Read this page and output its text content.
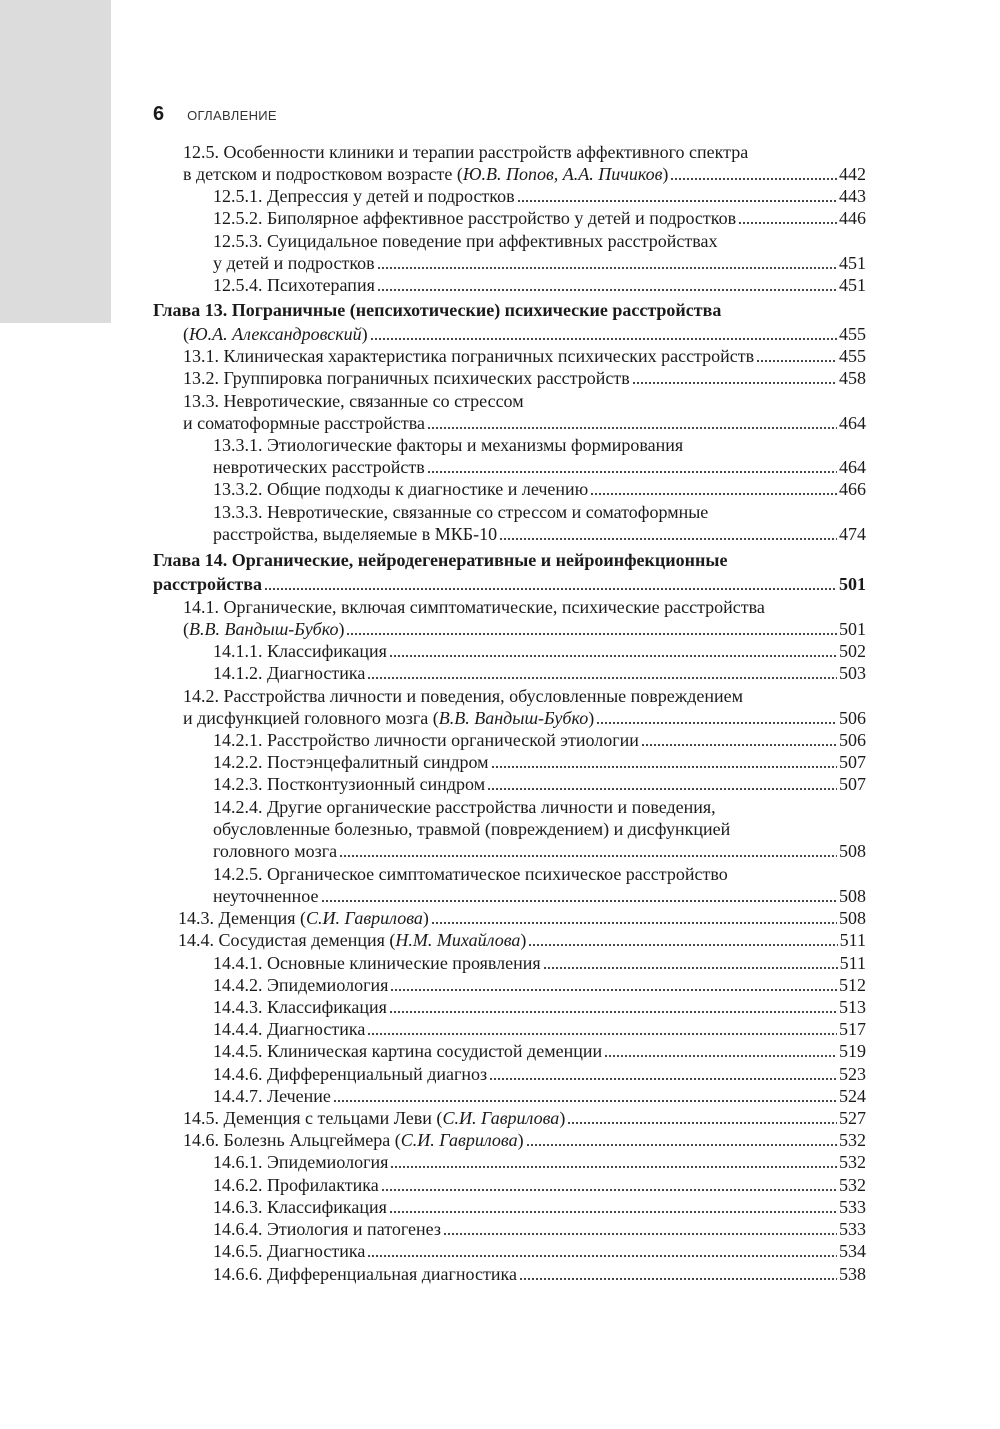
6 ОГЛАВЛЕНИЕ
12.5. Особенности клиники и терапии расстройств аффективного спектра
в детском и подростковом возрасте (Ю.В. Попов, А.А. Пичиков)	442
12.5.1. Депрессия у детей и подростков	443
12.5.2. Биполярное аффективное расстройство у детей и подростков	446
12.5.3. Суицидальное поведение при аффективных расстройствах
у детей и подростков	451
12.5.4. Психотерапия	451
Глава 13. Пограничные (непсихотические) психические расстройства
(Ю.А. Александровский)	455
13.1. Клиническая характеристика пограничных психических расстройств	455
13.2. Группировка пограничных психических расстройств	458
13.3. Невротические, связанные со стрессом
и соматоформные расстройства	464
13.3.1. Этиологические факторы и механизмы формирования
невротических расстройств	464
13.3.2. Общие подходы к диагностике и лечению	466
13.3.3. Невротические, связанные со стрессом и соматоформные
расстройства, выделяемые в МКБ-10	474
Глава 14. Органические, нейродегенеративные и нейроинфекционные
расстройства	501
14.1. Органические, включая симптоматические, психические расстройства
(В.В. Вандыш-Бубко)	501
14.1.1. Классификация	502
14.1.2. Диагностика	503
14.2. Расстройства личности и поведения, обусловленные повреждением
и дисфункцией головного мозга (В.В. Вандыш-Бубко)	506
14.2.1. Расстройство личности органической этиологии	506
14.2.2. Постэнцефалитный синдром	507
14.2.3. Постконтузионный синдром	507
14.2.4. Другие органические расстройства личности и поведения,
обусловленные болезнью, травмой (повреждением) и дисфункцией
головного мозга	508
14.2.5. Органическое симптоматическое психическое расстройство
неуточненное	508
14.3. Деменция (С.И. Гаврилова)	508
14.4. Сосудистая деменция (Н.М. Михайлова)	511
14.4.1. Основные клинические проявления	511
14.4.2. Эпидемиология	512
14.4.3. Классификация	513
14.4.4. Диагностика	517
14.4.5. Клиническая картина сосудистой деменции	519
14.4.6. Дифференциальный диагноз	523
14.4.7. Лечение	524
14.5. Деменция с тельцами Леви (С.И. Гаврилова)	527
14.6. Болезнь Альцгеймера (С.И. Гаврилова)	532
14.6.1. Эпидемиология	532
14.6.2. Профилактика	532
14.6.3. Классификация	533
14.6.4. Этиология и патогенез	533
14.6.5. Диагностика	534
14.6.6. Дифференциальная диагностика	538
